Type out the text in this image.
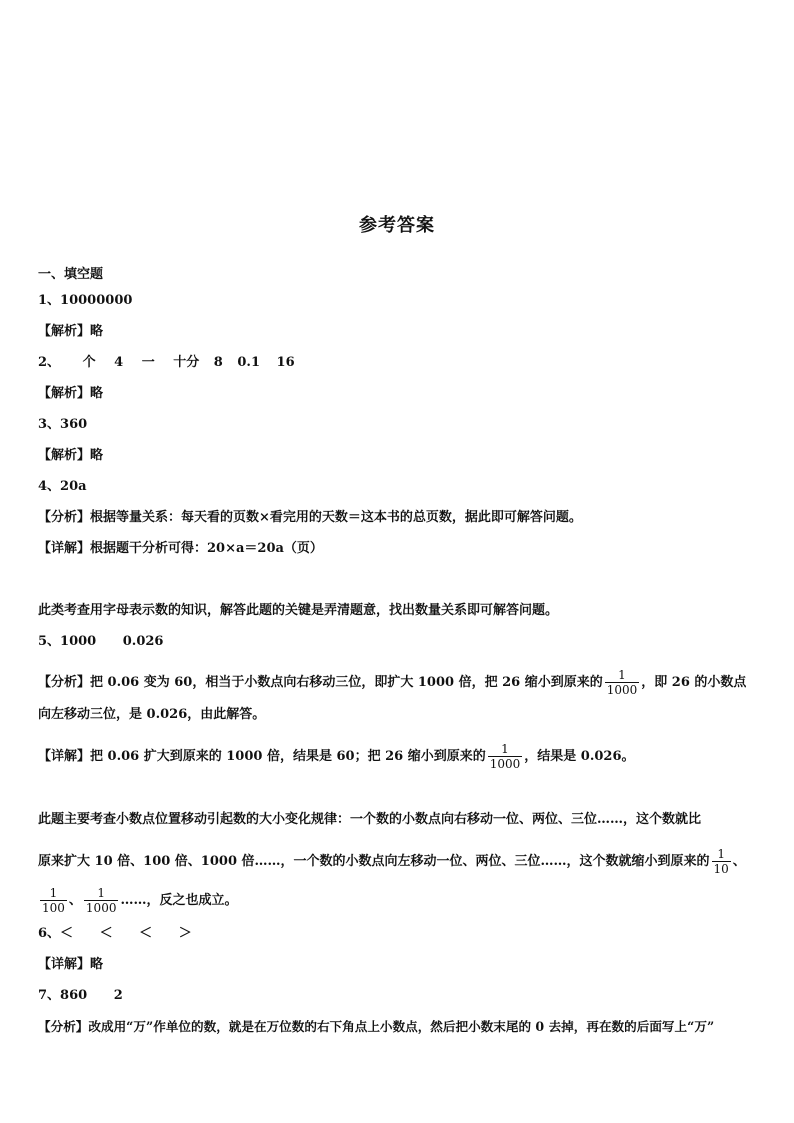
参考答案
一、填空题
1、10000000
【解析】略
2、 个 4 一 十分 8 0.1 16
【解析】略
3、360
【解析】略
4、20a
【分析】根据等量关系：每天看的页数×看完用的天数＝这本书的总页数，据此即可解答问题。
【详解】根据题干分析可得：20×a＝20a（页）
此类考查用字母表示数的知识，解答此题的关键是弄清题意，找出数量关系即可解答问题。
5、1000 0.026
【分析】把 0.06 变为 60，相当于小数点向右移动三位，即扩大 1000 倍，把 26 缩小到原来的 $\frac{1}{1000}$ ，即 26 的小数点
向左移动三位，是 0.026，由此解答。
【详解】把 0.06 扩大到原来的 1000 倍，结果是 60；把 26 缩小到原来的 $\frac{1}{1000}$ ，结果是 0.026。
此题主要考查小数点位置移动引起数的大小变化规律：一个数的小数点向右移动一位、两位、三位……，这个数就比
原来扩大 10 倍、100 倍、1000 倍……，一个数的小数点向左移动一位、两位、三位……，这个数就缩小到原来的 $\frac{1}{10}$ 、
$\frac{1}{100}$ 、 $\frac{1}{1000}$ ……，反之也成立。
6、＜ ＜ ＜ ＞
【详解】略
7、860 2
【分析】改成用“万”作单位的数，就是在万位数的右下角点上小数点，然后把小数末尾的 0 去掉，再在数的后面写上“万”
